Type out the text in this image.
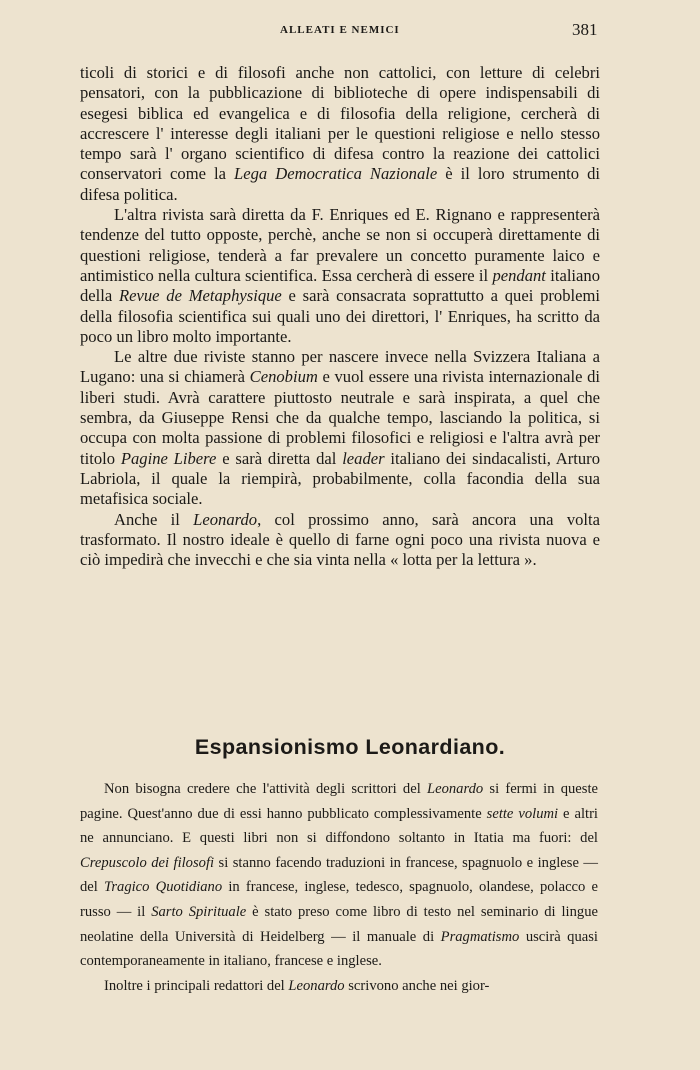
ALLEATI E NEMICI	381

ticoli di storici e di filosofi anche non cattolici, con letture di celebri pensatori, con la pubblicazione di biblioteche di opere indispensabili di esegesi biblica ed evangelica e di filosofia della religione, cercherà di accrescere l' interesse degli italiani per le questioni religiose e nello stesso tempo sarà l' organo scientifico di difesa contro la reazione dei cattolici conservatori come la Lega Democratica Nazionale è il loro strumento di difesa politica.

L'altra rivista sarà diretta da F. Enriques ed E. Rignano e rappresenterà tendenze del tutto opposte, perchè, anche se non si occuperà direttamente di questioni religiose, tenderà a far prevalere un concetto puramente laico e antimistico nella cultura scientifica. Essa cercherà di essere il pendant italiano della Revue de Metaphysique e sarà consacrata soprattutto a quei problemi della filosofia scientifica sui quali uno dei direttori, l' Enriques, ha scritto da poco un libro molto importante.

Le altre due riviste stanno per nascere invece nella Svizzera Italiana a Lugano: una si chiamerà Cenobium e vuol essere una rivista internazionale di liberi studi. Avrà carattere piuttosto neutrale e sarà inspirata, a quel che sembra, da Giuseppe Rensi che da qualche tempo, lasciando la politica, si occupa con molta passione di problemi filosofici e religiosi e l'altra avrà per titolo Pagine Libere e sarà diretta dal leader italiano dei sindacalisti, Arturo Labriola, il quale la riempirà, probabilmente, colla facondia della sua metafisica sociale.

Anche il Leonardo, col prossimo anno, sarà ancora una volta trasformato. Il nostro ideale è quello di farne ogni poco una rivista nuova e ciò impedirà che invecchi e che sia vinta nella « lotta per la lettura ».

Espansionismo Leonardiano.

Non bisogna credere che l'attività degli scrittori del Leonardo si fermi in queste pagine. Quest'anno due di essi hanno pubblicato complessivamente sette volumi e altri ne annunciano. E questi libri non si diffondono soltanto in Itatia ma fuori: del Crepuscolo dei filosofi si stanno facendo traduzioni in francese, spagnuolo e inglese — del Tragico Quotidiano in francese, inglese, tedesco, spagnuolo, olandese, polacco e russo — il Sarto Spirituale è stato preso come libro di testo nel seminario di lingue neolatine della Università di Heidelberg — il manuale di Pragmatismo uscirà quasi contemporaneamente in italiano, francese e inglese.

Inoltre i principali redattori del Leonardo scrivono anche nei gior-
